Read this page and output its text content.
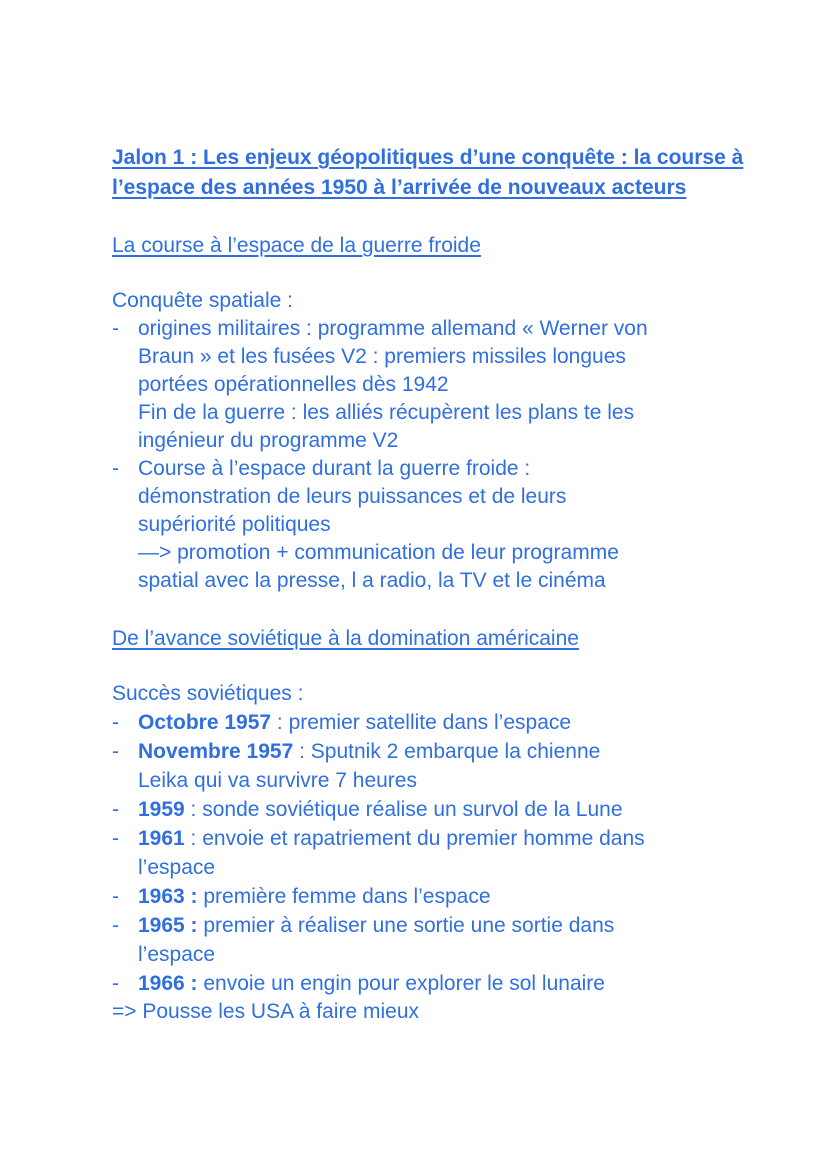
Jalon 1 : Les enjeux géopolitiques d’une conquête : la course à l’espace des années 1950 à l’arrivée de nouveaux acteurs

La course à l’espace de la guerre froide

Conquête spatiale :

- origines militaires : programme allemand « Werner von
Braun » et les fusées V2 : premiers missiles longues
portées opérationnelles dès 1942
Fin de la guerre : les alliés récupèrent les plans te les
ingénieur du programme V2
- Course à l’espace durant la guerre froide :
démonstration de leurs puissances et de leurs
supériorité politiques
—> promotion + communication de leur programme
spatial avec la presse, l a radio, la TV et le cinéma

De l’avance soviétique à la domination américaine

Succès soviétiques :

- Octobre 1957 : premier satellite dans l’espace
- Novembre 1957 : Sputnik 2 embarque la chienne
Leika qui va survivre 7 heures
- 1959 : sonde soviétique réalise un survol de la Lune
- 1961 : envoie et rapatriement du premier homme dans
l’espace
- 1963 : première femme dans l’espace
- 1965 : premier à réaliser une sortie une sortie dans
l’espace
- 1966 : envoie un engin pour explorer le sol lunaire

=> Pousse les USA à faire mieux
